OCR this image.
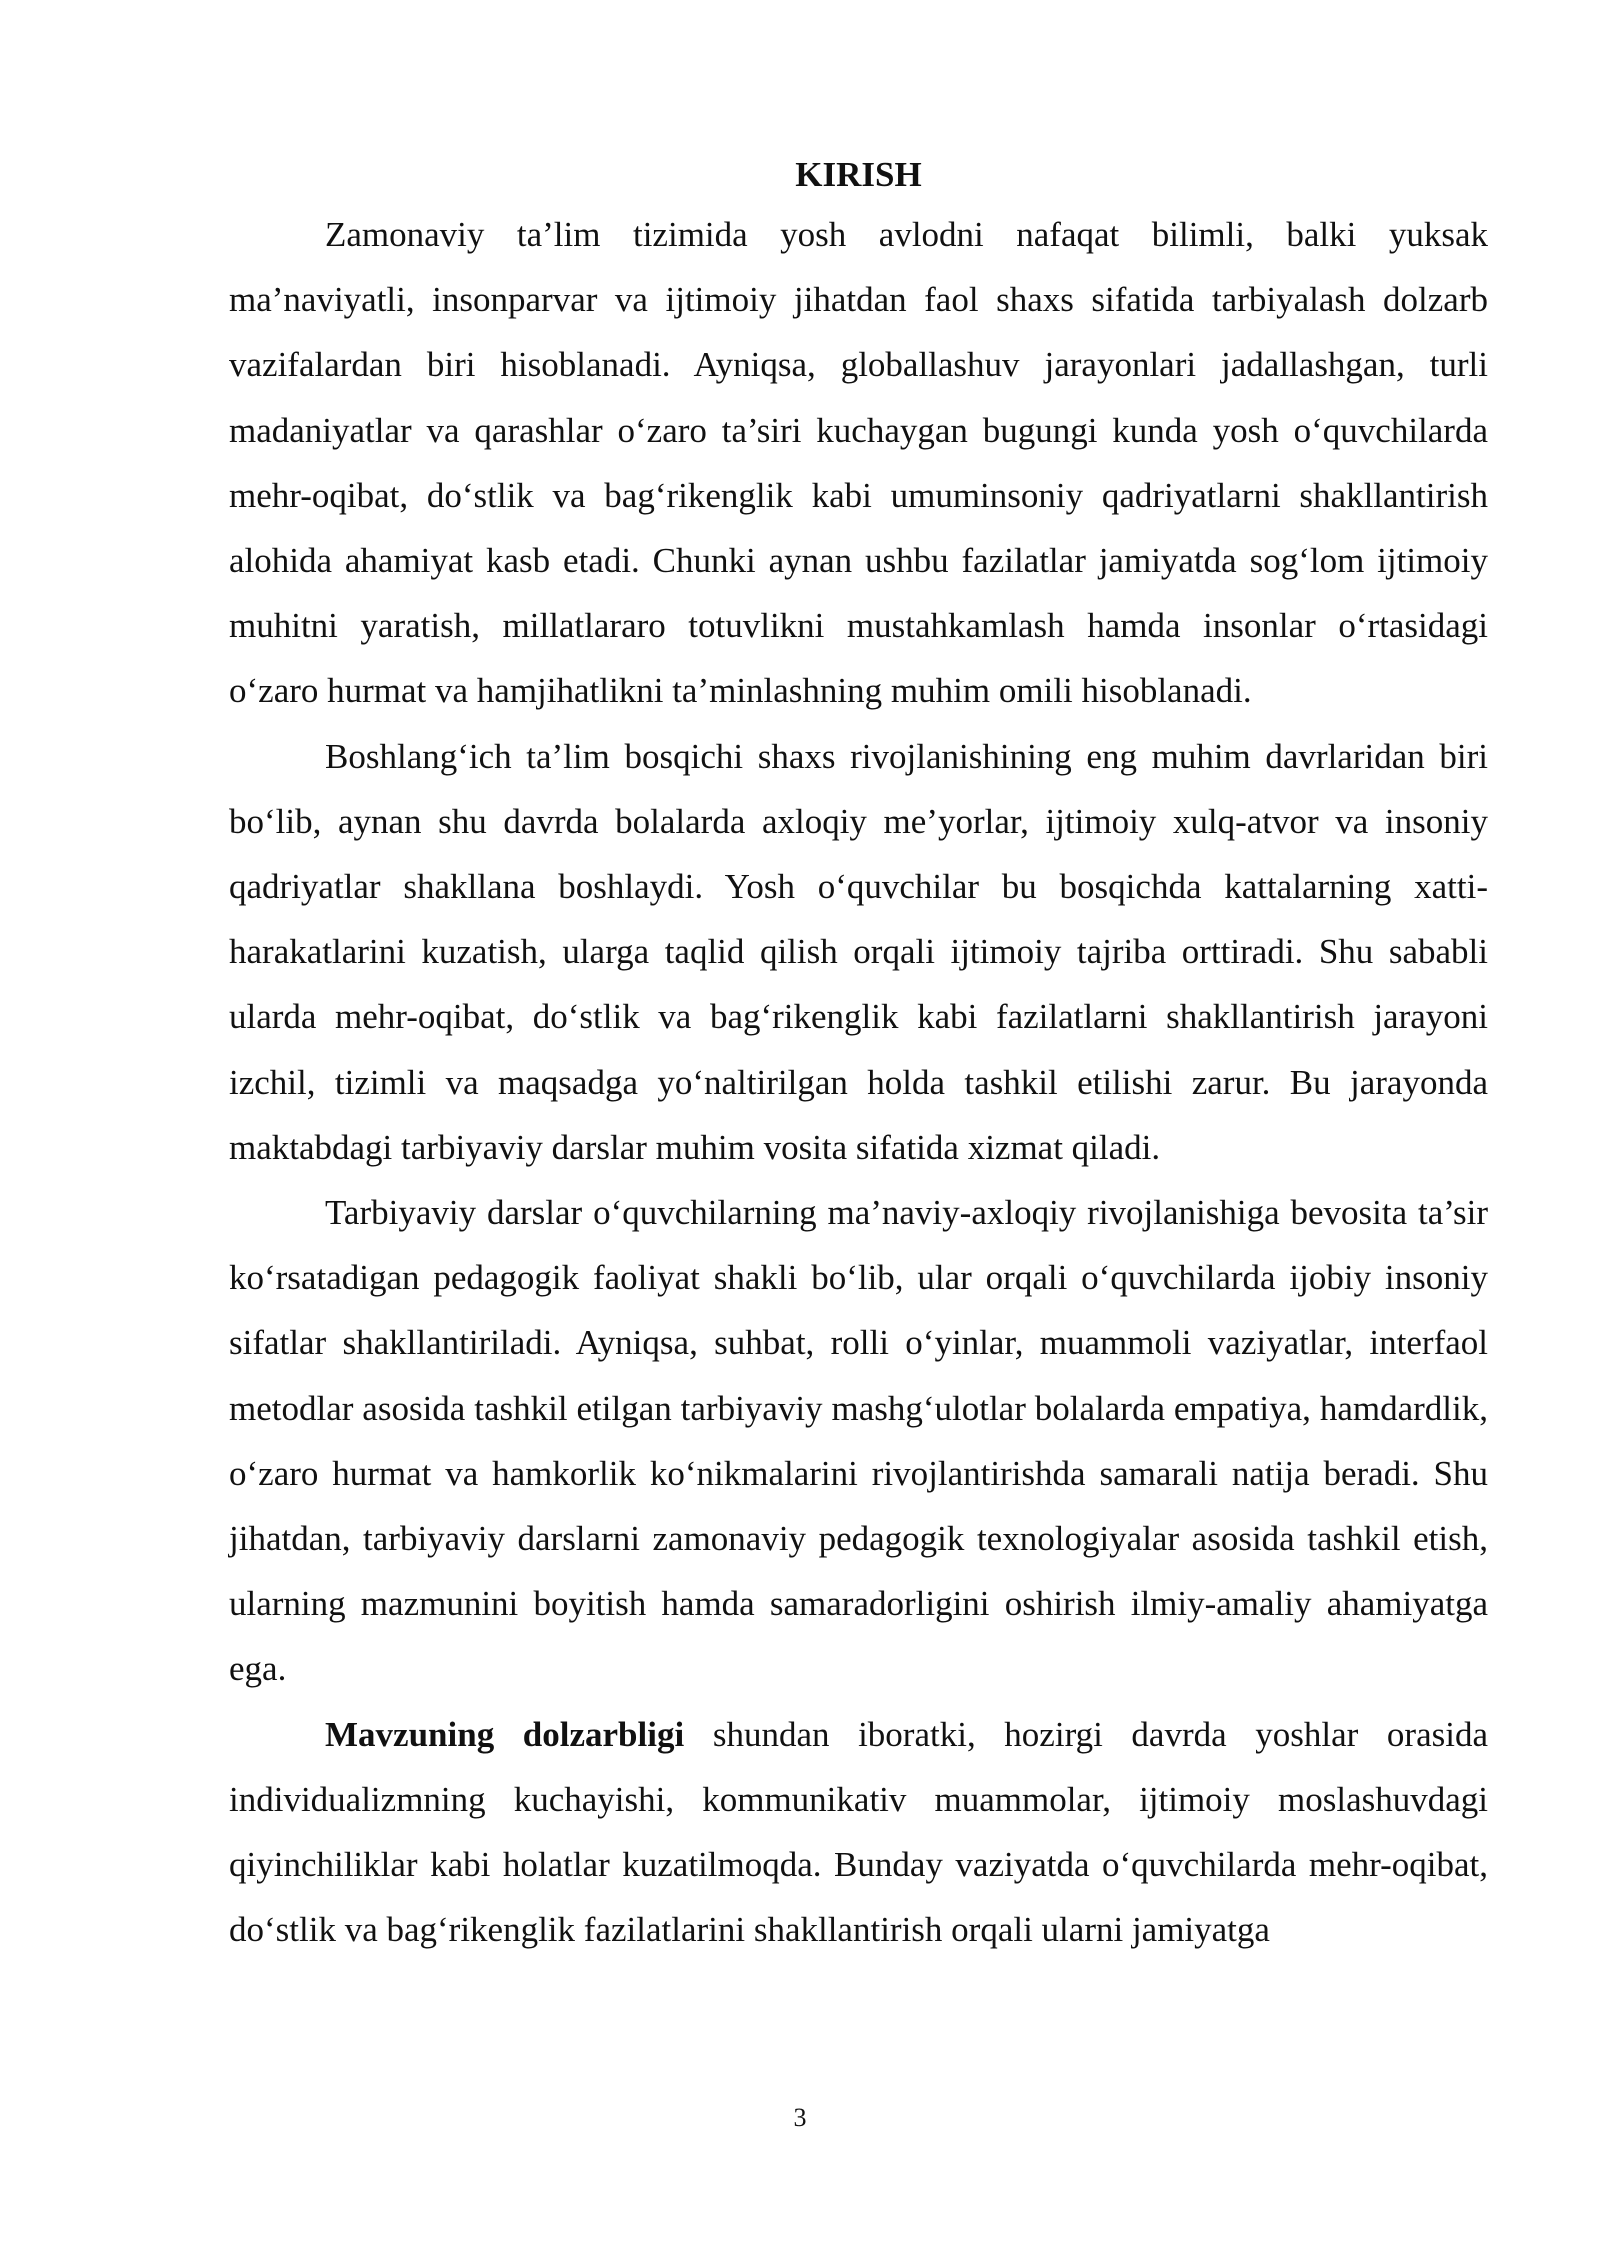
KIRISH

Zamonaviy ta’lim tizimida yosh avlodni nafaqat bilimli, balki yuksak ma’naviyatli, insonparvar va ijtimoiy jihatdan faol shaxs sifatida tarbiyalash dolzarb vazifalardan biri hisoblanadi. Ayniqsa, globallashuv jarayonlari jadallashgan, turli madaniyatlar va qarashlar o‘zaro ta’siri kuchaygan bugungi kunda yosh o‘quvchilarda mehr-oqibat, do‘stlik va bag‘rikenglik kabi umuminsoniy qadriyatlarni shakllantirish alohida ahamiyat kasb etadi. Chunki aynan ushbu fazilatlar jamiyatda sog‘lom ijtimoiy muhitni yaratish, millatlararo totuvlikni mustahkamlash hamda insonlar o‘rtasidagi o‘zaro hurmat va hamjihatlikni ta’minlashning muhim omili hisoblanadi.

Boshlang‘ich ta’lim bosqichi shaxs rivojlanishining eng muhim davrlaridan biri bo‘lib, aynan shu davrda bolalarda axloqiy me’yorlar, ijtimoiy xulq-atvor va insoniy qadriyatlar shakllana boshlaydi. Yosh o‘quvchilar bu bosqichda kattalarning xatti-harakatlarini kuzatish, ularga taqlid qilish orqali ijtimoiy tajriba orttiradi. Shu sababli ularda mehr-oqibat, do‘stlik va bag‘rikenglik kabi fazilatlarni shakllantirish jarayoni izchil, tizimli va maqsadga yo‘naltirilgan holda tashkil etilishi zarur. Bu jarayonda maktabdagi tarbiyaviy darslar muhim vosita sifatida xizmat qiladi.

Tarbiyaviy darslar o‘quvchilarning ma’naviy-axloqiy rivojlanishiga bevosita ta’sir ko‘rsatadigan pedagogik faoliyat shakli bo‘lib, ular orqali o‘quvchilarda ijobiy insoniy sifatlar shakllantiriladi. Ayniqsa, suhbat, rolli o‘yinlar, muammoli vaziyatlar, interfaol metodlar asosida tashkil etilgan tarbiyaviy mashg‘ulotlar bolalarda empatiya, hamdardlik, o‘zaro hurmat va hamkorlik ko‘nikmalarini rivojlantirishda samarali natija beradi. Shu jihatdan, tarbiyaviy darslarni zamonaviy pedagogik texnologiyalar asosida tashkil etish, ularning mazmunini boyitish hamda samaradorligini oshirish ilmiy-amaliy ahamiyatga ega.

Mavzuning dolzarbligi shundan iboratki, hozirgi davrda yoshlar orasida individualizmning kuchayishi, kommunikativ muammolar, ijtimoiy moslashuvdagi qiyinchiliklar kabi holatlar kuzatilmoqda. Bunday vaziyatda o‘quvchilarda mehr-oqibat, do‘stlik va bag‘rikenglik fazilatlarini shakllantirish orqali ularni jamiyatga

3
